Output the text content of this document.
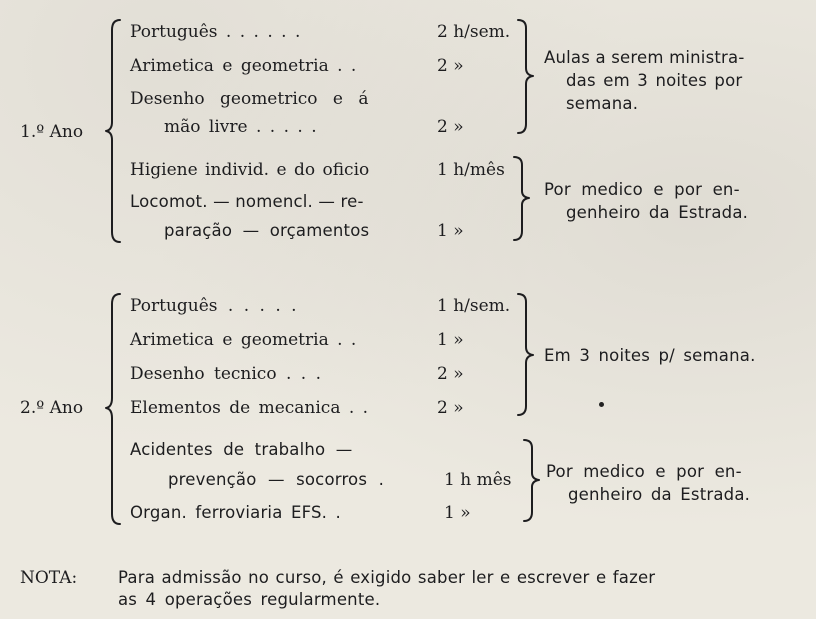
1.º Ano
Português . . . . . .	2 h/sem.
Arimetica e geometria . .	2 »
Desenho geometrico e á
mão livre . . . . .	2 »
Aulas a serem ministra-
das em 3 noites por
semana.
Higiene individ. e do oficio	1 h/mês
Locomot. — nomencl. — re-
paração — orçamentos	1 »
Por medico e por en-
genheiro da Estrada.
2.º Ano
Português . . . . .	1 h/sem.
Arimetica e geometria . .	1 »
Desenho tecnico . . .	2 »
Elementos de mecanica . .	2 »
Em 3 noites p/ semana.
Acidentes de trabalho —
prevenção — socorros .	1 h mês
Organ. ferroviaria EFS. .	1 »
Por medico e por en-
genheiro da Estrada.
NOTA: Para admissão no curso, é exigido saber ler e escrever e fazer
as 4 operações regularmente.
